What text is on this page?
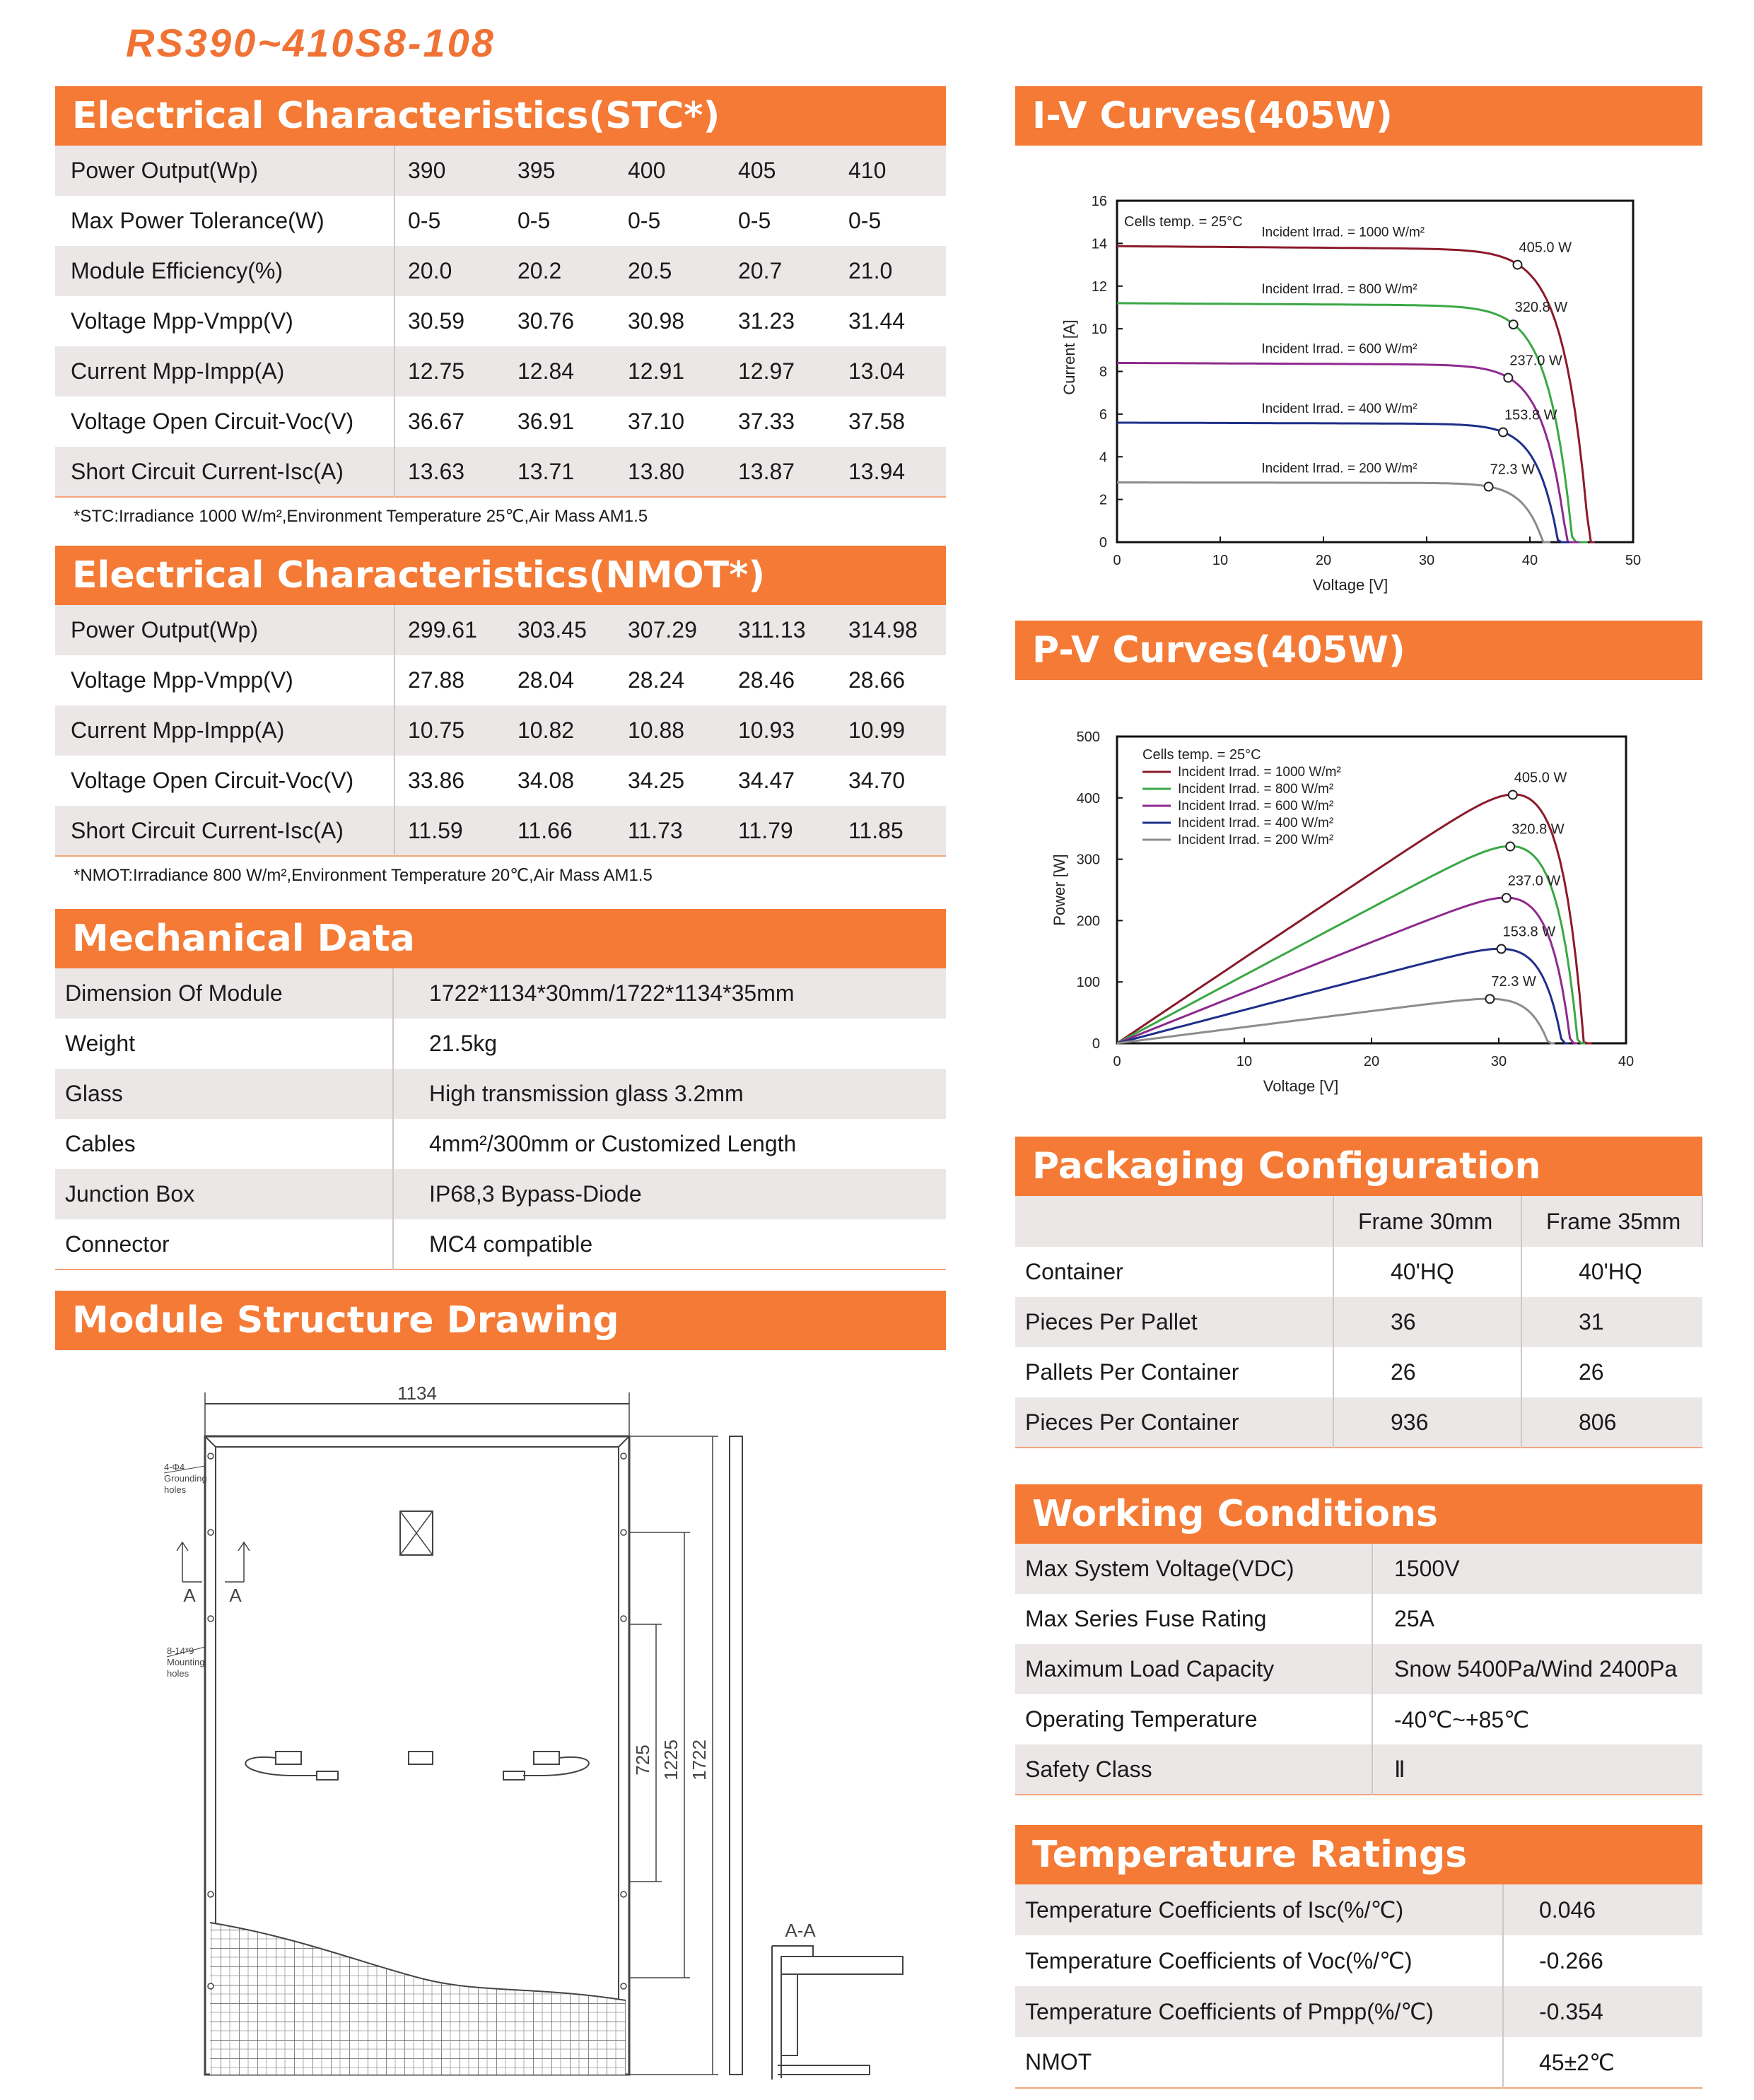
RS390~410S8-108
Electrical Characteristics(STC*)
Power Output(Wp)	390	395	400	405	410
Max Power Tolerance(W)	0-5	0-5	0-5	0-5	0-5
Module Efficiency(%)	20.0	20.2	20.5	20.7	21.0
Voltage Mpp-Vmpp(V)	30.59	30.76	30.98	31.23	31.44
Current Mpp-Impp(A)	12.75	12.84	12.91	12.97	13.04
Voltage Open Circuit-Voc(V)	36.67	36.91	37.10	37.33	37.58
Short Circuit Current-Isc(A)	13.63	13.71	13.80	13.87	13.94
*STC:Irradiance 1000 W/m²,Environment Temperature 25℃,Air Mass AM1.5
Electrical Characteristics(NMOT*)
Power Output(Wp)	299.61	303.45	307.29	311.13	314.98
Voltage Mpp-Vmpp(V)	27.88	28.04	28.24	28.46	28.66
Current Mpp-Impp(A)	10.75	10.82	10.88	10.93	10.99
Voltage Open Circuit-Voc(V)	33.86	34.08	34.25	34.47	34.70
Short Circuit Current-Isc(A)	11.59	11.66	11.73	11.79	11.85
*NMOT:Irradiance 800 W/m²,Environment Temperature 20℃,Air Mass AM1.5
Mechanical Data
Dimension Of Module	1722*1134*30mm/1722*1134*35mm
Weight	21.5kg
Glass	High transmission glass 3.2mm
Cables	4mm²/300mm or Customized Length
Junction Box	IP68,3 Bypass-Diode
Connector	MC4 compatible
Module Structure Drawing
1134
4-Φ4
Grounding
holes
8-14*9
Mounting
holes
A A
725 1225 1722
A-A
I-V Curves(405W)
0	10	20	30	40	50
0
2
4
6
8
10
12
14
16
Voltage [V]
Current [A]
Cells temp. = 25°C
405.0 W
Incident Irrad. = 1000 W/m²
320.8 W
Incident Irrad. = 800 W/m²
237.0 W
Incident Irrad. = 600 W/m²
153.8 W
Incident Irrad. = 400 W/m²
72.3 W
Incident Irrad. = 200 W/m²
P-V Curves(405W)
0	10	20	30	40
0
100
200
300
400
500
Voltage [V]
Power [W]
Cells temp. = 25°C
Incident Irrad. = 1000 W/m²	405.0 W
Incident Irrad. = 800 W/m²
320.8 W
Incident Irrad. = 600 W/m²
237.0 W
Incident Irrad. = 400 W/m²
153.8 W
Incident Irrad. = 200 W/m²
72.3 W
Packaging Configuration
	Frame 30mm	Frame 35mm
Container	40'HQ	40'HQ
Pieces Per Pallet	36	31
Pallets Per Container	26	26
Pieces Per Container	936	806
Working Conditions
Max System Voltage(VDC)	1500V
Max Series Fuse Rating	25A
Maximum Load Capacity	Snow 5400Pa/Wind 2400Pa
Operating Temperature	-40℃~+85℃
Safety Class	Ⅱ
Temperature Ratings
Temperature Coefficients of Isc(%/℃)	0.046
Temperature Coefficients of Voc(%/℃)	-0.266
Temperature Coefficients of Pmpp(%/℃)	-0.354
NMOT	45±2℃
